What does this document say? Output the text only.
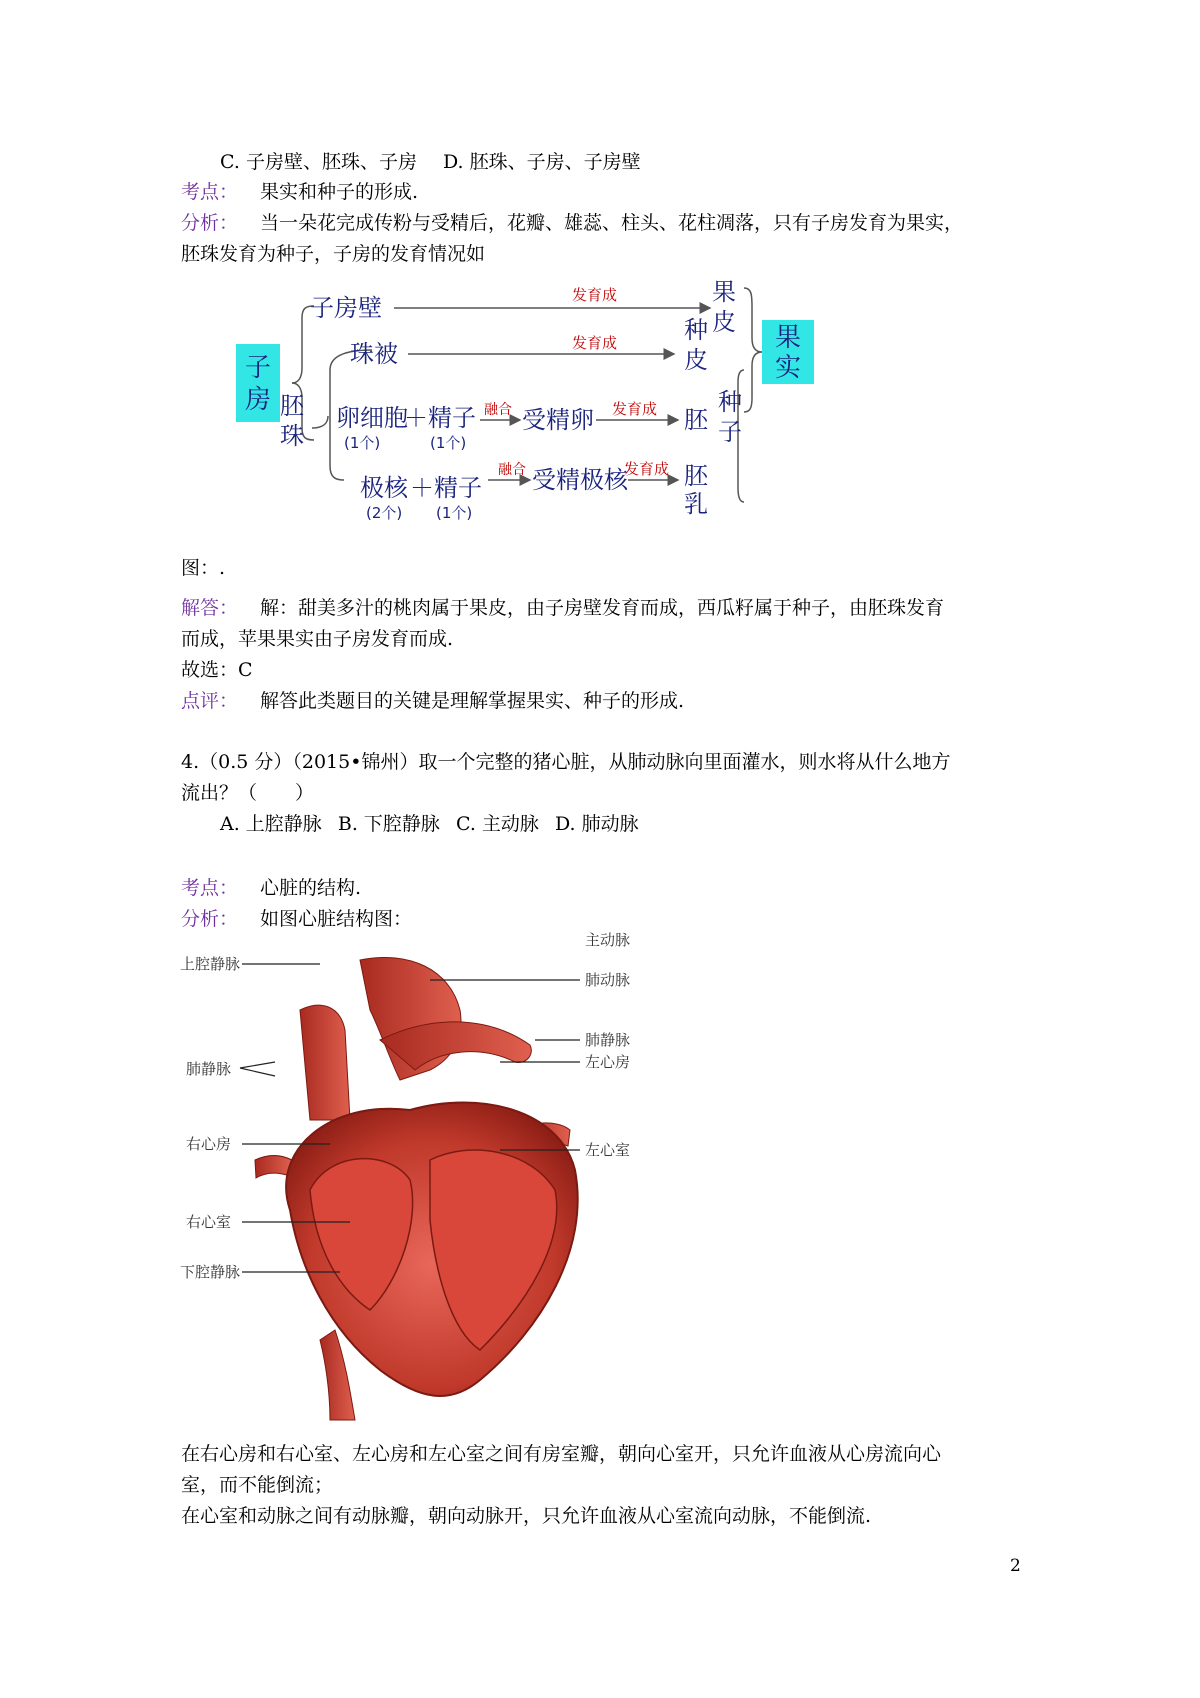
C. 子房壁、胚珠、子房 D. 胚珠、子房、子房壁
考点： 果实和种子的形成.
分析： 当一朵花完成传粉与受精后，花瓣、雄蕊、柱头、花柱凋落，只有子房发育为果实，
胚珠发育为种子，子房的发育情况如
子
房
子房壁	发育成	果
皮
果
实
珠被	发育成	种
皮
胚
珠
卵细胞
＋ 精子
(1个)	(1个)
融合 受精卵 发育成 胚
种
子
极核 ＋ 精子
(2个) (1个)
融合 受精极核
发育成 胚
乳
图：.
解答： 解：甜美多汁的桃肉属于果皮，由子房壁发育而成，西瓜籽属于种子，由胚珠发育
而成，苹果果实由子房发育而成.
故选：C
点评： 解答此类题目的关键是理解掌握果实、种子的形成.
4.（0.5 分）（2015•锦州）取一个完整的猪心脏，从肺动脉向里面灌水，则水将从什么地方
流出？（　　）
A. 上腔静脉 B. 下腔静脉 C. 主动脉 D. 肺动脉
考点： 心脏的结构.
分析： 如图心脏结构图：
上腔静脉
肺静脉
右心房
右心室
下腔静脉
主动脉
肺动脉
肺静脉
左心房
左心室
在右心房和右心室、左心房和左心室之间有房室瓣，朝向心室开，只允许血液从心房流向心
室，而不能倒流；
在心室和动脉之间有动脉瓣，朝向动脉开，只允许血液从心室流向动脉，不能倒流.
2
